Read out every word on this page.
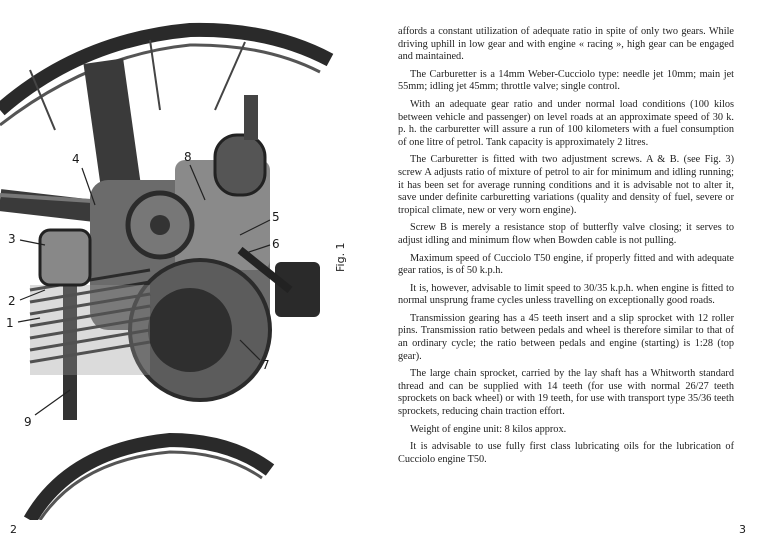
4	8
5
6
3
2
1
7
9
Fig. 1
2

affords a constant utilization of adequate ratio in spite of only two gears. While driving uphill in low gear and with engine « racing », high gear can be engaged and maintained.

The Carburetter is a 14mm Weber-Cucciolo type: needle jet 10mm; main jet 55mm; idling jet 45mm; throttle valve; single control.

With an adequate gear ratio and under normal load conditions (100 kilos between vehicle and passenger) on level roads at an approximate speed of 30 k. p. h. the carburetter will assure a run of 100 kilometers with a fuel consumption of one litre of petrol. Tank capacity is approximately 2 litres.

The Carburetter is fitted with two adjustment screws. A & B. (see Fig. 3) screw A adjusts ratio of mixture of petrol to air for minimum and idling running; it has been set for average running conditions and it is advisable not to alter it, save under definite carburetting variations (quality and density of fuel, severe or tropical climate, new or very worn engine).

Screw B is merely a resistance stop of butterfly valve closing; it serves to adjust idling and minimum flow when Bowden cable is not pulling.

Maximum speed of Cucciolo T50 engine, if properly fitted and with adequate gear ratios, is of 50 k.p.h.

It is, however, advisable to limit speed to 30/35 k.p.h. when engine is fitted to normal unsprung frame cycles unless travelling on exceptionally good roads.

Transmission gearing has a 45 teeth insert and a slip sprocket with 12 roller pins. Transmission ratio between pedals and wheel is therefore similar to that of an ordinary cycle; the ratio between pedals and engine (starting) is 1:28 (top gear).

The large chain sprocket, carried by the lay shaft has a Whitworth standard thread and can be supplied with 14 teeth (for use with normal 26/27 teeth sprockets on back wheel) or with 19 teeth, for use with transport type 35/36 teeth sprockets, reducing chain traction effort.

Weight of engine unit: 8 kilos approx.

It is advisable to use fully first class lubricating oils for the lubrication of Cucciolo engine T50.

3
